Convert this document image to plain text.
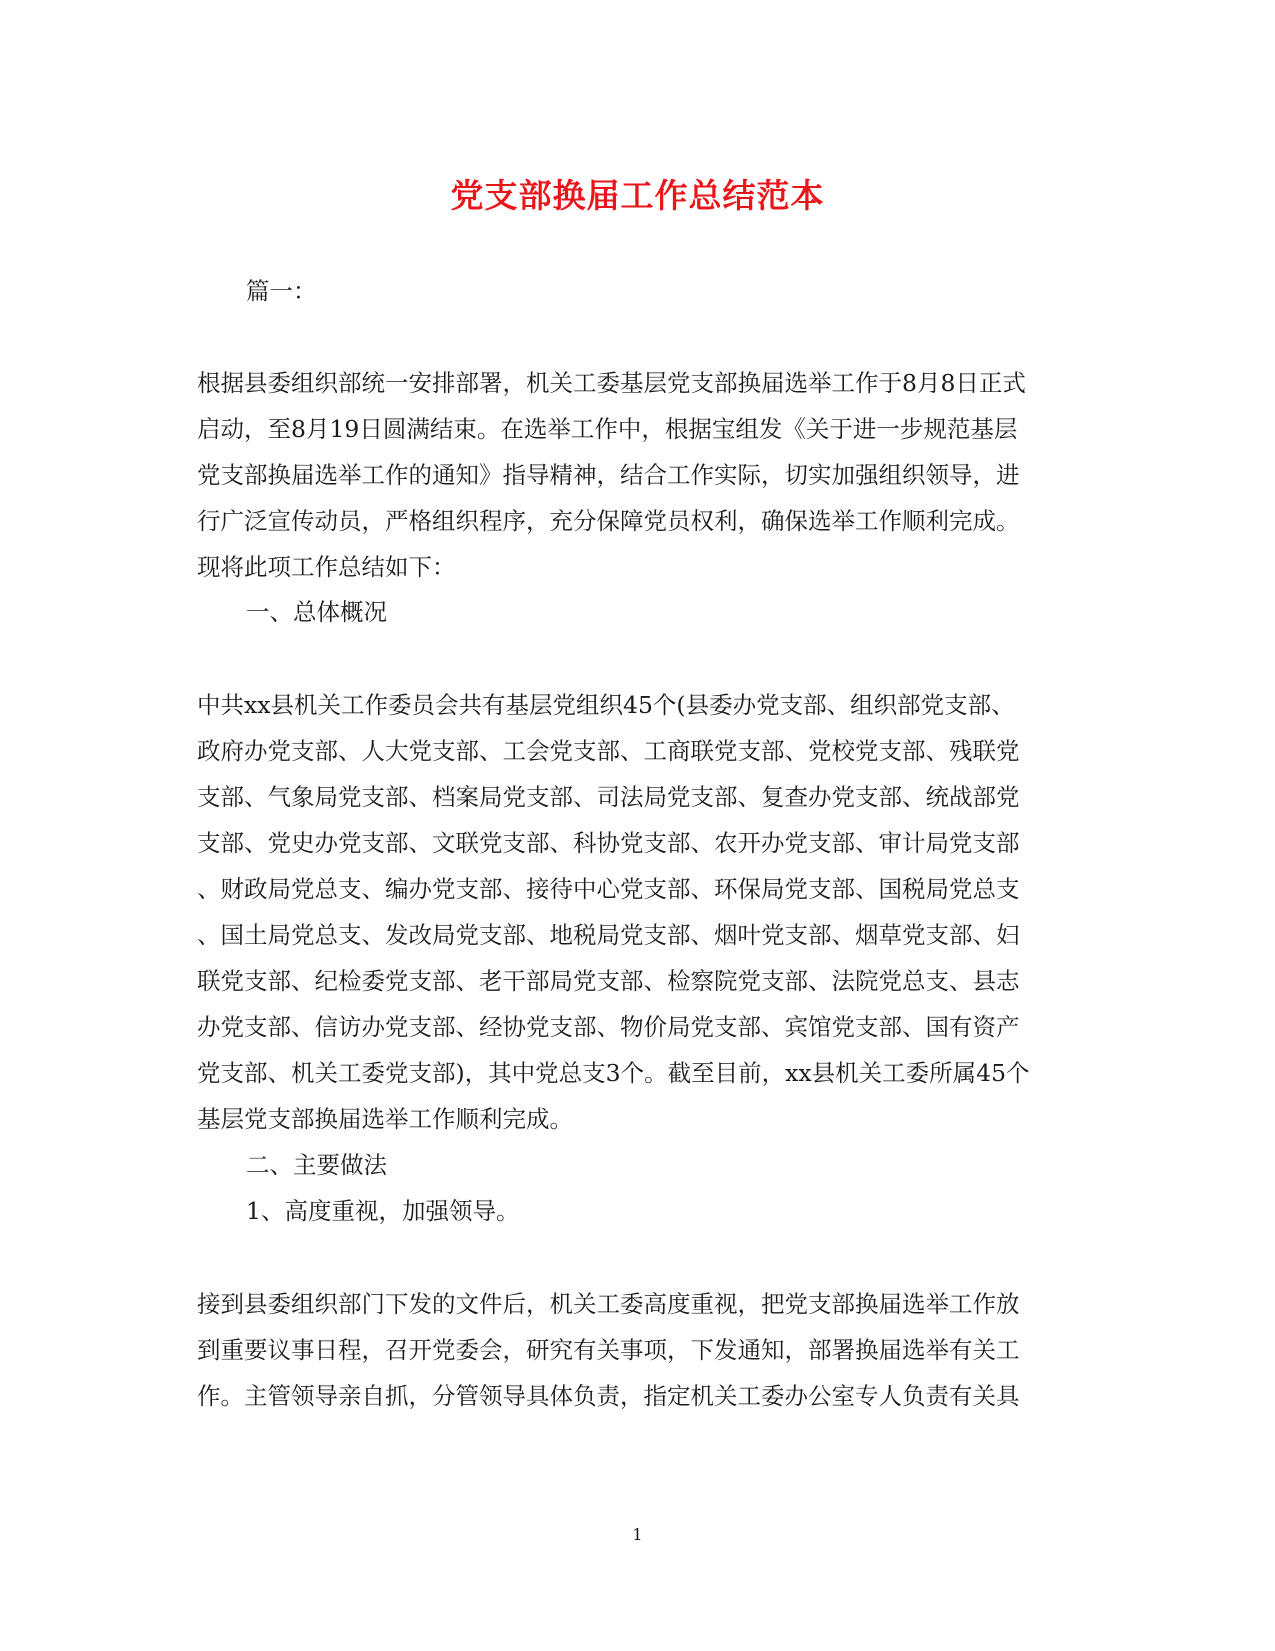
党支部换届工作总结范本
篇一：
根据县委组织部统一安排部署，机关工委基层党支部换届选举工作于8月8日正式
启动，至8月19日圆满结束。在选举工作中，根据宝组发《关于进一步规范基层
党支部换届选举工作的通知》指导精神，结合工作实际，切实加强组织领导，进
行广泛宣传动员，严格组织程序，充分保障党员权利，确保选举工作顺利完成。
现将此项工作总结如下：
一、总体概况
中共xx县机关工作委员会共有基层党组织45个(县委办党支部、组织部党支部、
政府办党支部、人大党支部、工会党支部、工商联党支部、党校党支部、残联党
支部、气象局党支部、档案局党支部、司法局党支部、复查办党支部、统战部党
支部、党史办党支部、文联党支部、科协党支部、农开办党支部、审计局党支部
、财政局党总支、编办党支部、接待中心党支部、环保局党支部、国税局党总支
、国土局党总支、发改局党支部、地税局党支部、烟叶党支部、烟草党支部、妇
联党支部、纪检委党支部、老干部局党支部、检察院党支部、法院党总支、县志
办党支部、信访办党支部、经协党支部、物价局党支部、宾馆党支部、国有资产
党支部、机关工委党支部)，其中党总支3个。截至目前，xx县机关工委所属45个
基层党支部换届选举工作顺利完成。
二、主要做法
1、高度重视，加强领导。
接到县委组织部门下发的文件后，机关工委高度重视，把党支部换届选举工作放
到重要议事日程，召开党委会，研究有关事项，下发通知，部署换届选举有关工
作。主管领导亲自抓，分管领导具体负责，指定机关工委办公室专人负责有关具
1
